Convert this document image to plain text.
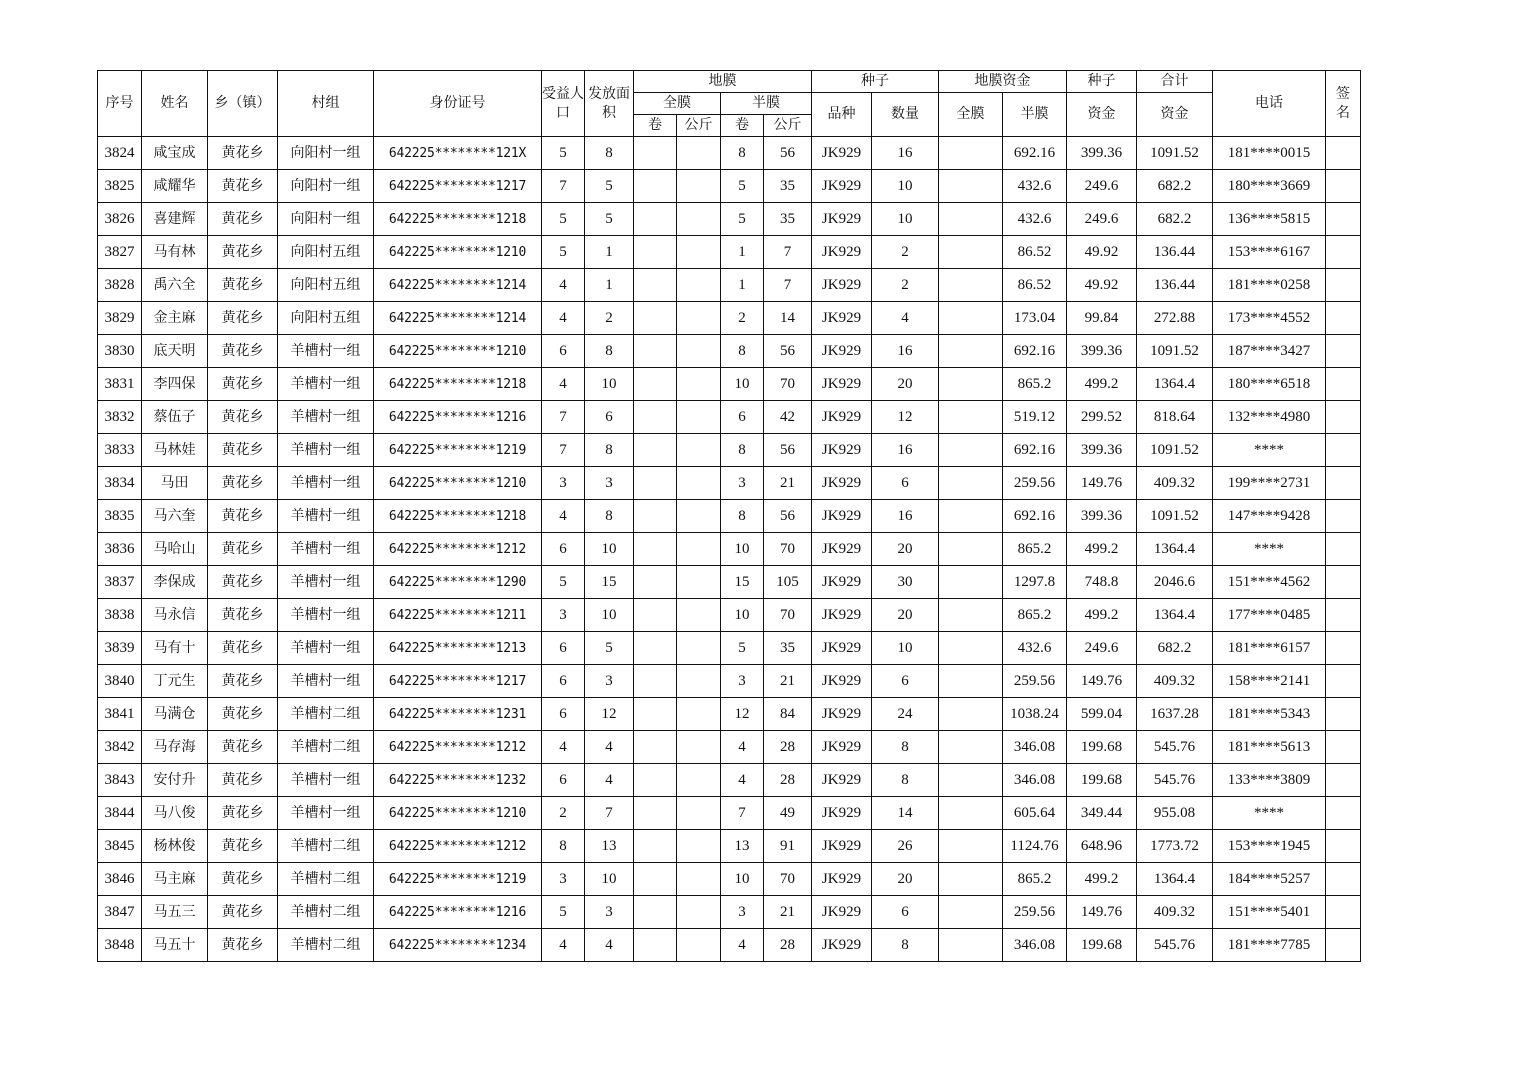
序号	姓名	乡（镇）	村组	身份证号	受益人口	发放面积	地膜				种子		地膜资金		种子	合计	电话	签名
							全膜		半膜		品种	数量	全膜	半膜	资金	资金		
							卷	公斤	卷	公斤								
3824	咸宝成	黄花乡	向阳村一组	642225********121X	5	8			8	56	JK929	16		692.16	399.36	1091.52	181****0015	
3825	咸耀华	黄花乡	向阳村一组	642225********1217	7	5			5	35	JK929	10		432.6	249.6	682.2	180****3669	
3826	喜建辉	黄花乡	向阳村一组	642225********1218	5	5			5	35	JK929	10		432.6	249.6	682.2	136****5815	
3827	马有林	黄花乡	向阳村五组	642225********1210	5	1			1	7	JK929	2		86.52	49.92	136.44	153****6167	
3828	禹六全	黄花乡	向阳村五组	642225********1214	4	1			1	7	JK929	2		86.52	49.92	136.44	181****0258	
3829	金主麻	黄花乡	向阳村五组	642225********1214	4	2			2	14	JK929	4		173.04	99.84	272.88	173****4552	
3830	底天明	黄花乡	羊槽村一组	642225********1210	6	8			8	56	JK929	16		692.16	399.36	1091.52	187****3427	
3831	李四保	黄花乡	羊槽村一组	642225********1218	4	10			10	70	JK929	20		865.2	499.2	1364.4	180****6518	
3832	蔡伍子	黄花乡	羊槽村一组	642225********1216	7	6			6	42	JK929	12		519.12	299.52	818.64	132****4980	
3833	马林娃	黄花乡	羊槽村一组	642225********1219	7	8			8	56	JK929	16		692.16	399.36	1091.52	****	
3834	马田	黄花乡	羊槽村一组	642225********1210	3	3			3	21	JK929	6		259.56	149.76	409.32	199****2731	
3835	马六奎	黄花乡	羊槽村一组	642225********1218	4	8			8	56	JK929	16		692.16	399.36	1091.52	147****9428	
3836	马哈山	黄花乡	羊槽村一组	642225********1212	6	10			10	70	JK929	20		865.2	499.2	1364.4	****	
3837	李保成	黄花乡	羊槽村一组	642225********1290	5	15			15	105	JK929	30		1297.8	748.8	2046.6	151****4562	
3838	马永信	黄花乡	羊槽村一组	642225********1211	3	10			10	70	JK929	20		865.2	499.2	1364.4	177****0485	
3839	马有十	黄花乡	羊槽村一组	642225********1213	6	5			5	35	JK929	10		432.6	249.6	682.2	181****6157	
3840	丁元生	黄花乡	羊槽村一组	642225********1217	6	3			3	21	JK929	6		259.56	149.76	409.32	158****2141	
3841	马满仓	黄花乡	羊槽村二组	642225********1231	6	12			12	84	JK929	24		1038.24	599.04	1637.28	181****5343	
3842	马存海	黄花乡	羊槽村二组	642225********1212	4	4			4	28	JK929	8		346.08	199.68	545.76	181****5613	
3843	安付升	黄花乡	羊槽村一组	642225********1232	6	4			4	28	JK929	8		346.08	199.68	545.76	133****3809	
3844	马八俊	黄花乡	羊槽村一组	642225********1210	2	7			7	49	JK929	14		605.64	349.44	955.08	****	
3845	杨林俊	黄花乡	羊槽村二组	642225********1212	8	13			13	91	JK929	26		1124.76	648.96	1773.72	153****1945	
3846	马主麻	黄花乡	羊槽村二组	642225********1219	3	10			10	70	JK929	20		865.2	499.2	1364.4	184****5257	
3847	马五三	黄花乡	羊槽村二组	642225********1216	5	3			3	21	JK929	6		259.56	149.76	409.32	151****5401	
3848	马五十	黄花乡	羊槽村二组	642225********1234	4	4			4	28	JK929	8		346.08	199.68	545.76	181****7785	
